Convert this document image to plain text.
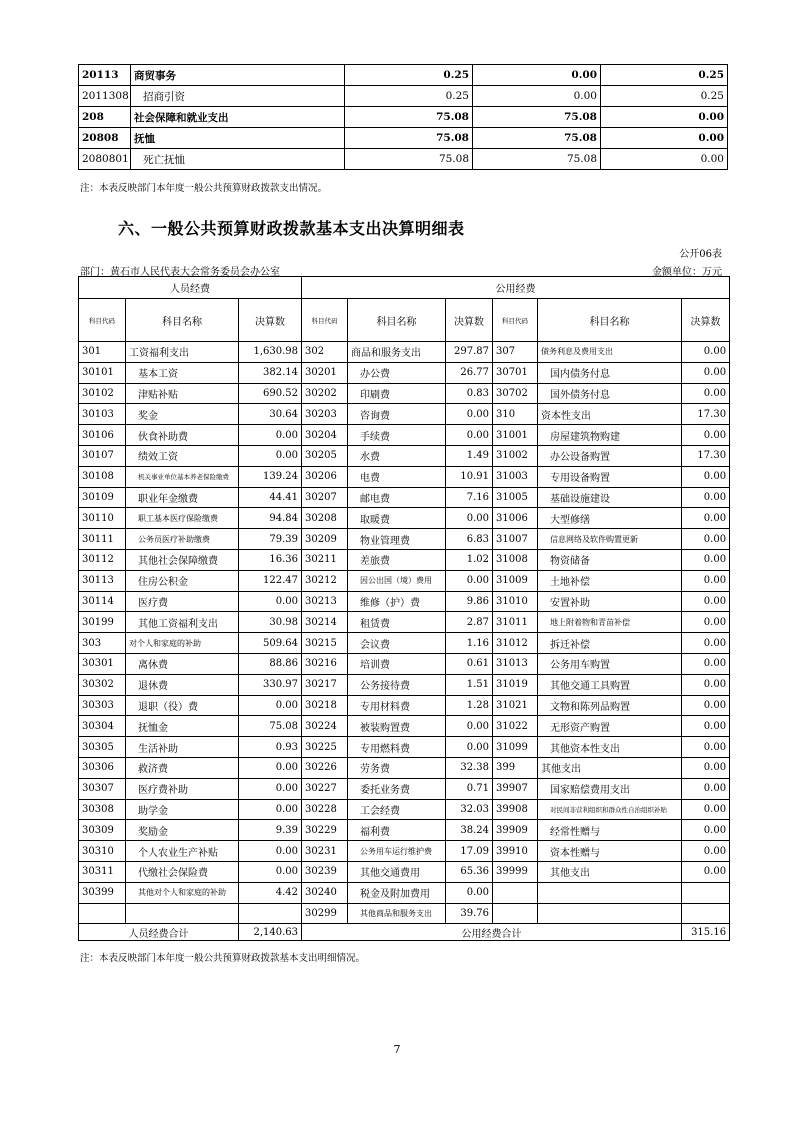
20113	商贸事务	0.25	0.00	0.25
2011308	招商引资	0.25	0.00	0.25
208	社会保障和就业支出	75.08	75.08	0.00
20808	抚恤	75.08	75.08	0.00
2080801	死亡抚恤	75.08	75.08	0.00
注：本表反映部门本年度一般公共预算财政拨款支出情况。
六、一般公共预算财政拨款基本支出决算明细表
公开06表
部门：黄石市人民代表大会常务委员会办公室	金额单位：万元
人员经费			公用经费					
科目代码	科目名称	决算数	科目代码	科目名称	决算数	科目代码	科目名称	决算数
301	工资福利支出	1,630.98	302	商品和服务支出	297.87	307	债务利息及费用支出	0.00
30101	基本工资	382.14	30201	办公费	26.77	30701	国内债务付息	0.00
30102	津贴补贴	690.52	30202	印刷费	0.83	30702	国外债务付息	0.00
30103	奖金	30.64	30203	咨询费	0.00	310	资本性支出	17.30
30106	伙食补助费	0.00	30204	手续费	0.00	31001	房屋建筑物购建	0.00
30107	绩效工资	0.00	30205	水费	1.49	31002	办公设备购置	17.30
30108	机关事业单位基本养老保险缴费	139.24	30206	电费	10.91	31003	专用设备购置	0.00
30109	职业年金缴费	44.41	30207	邮电费	7.16	31005	基础设施建设	0.00
30110	职工基本医疗保险缴费	94.84	30208	取暖费	0.00	31006	大型修缮	0.00
30111	公务员医疗补助缴费	79.39	30209	物业管理费	6.83	31007	信息网络及软件购置更新	0.00
30112	其他社会保障缴费	16.36	30211	差旅费	1.02	31008	物资储备	0.00
30113	住房公积金	122.47	30212	因公出国（境）费用	0.00	31009	土地补偿	0.00
30114	医疗费	0.00	30213	维修（护）费	9.86	31010	安置补助	0.00
30199	其他工资福利支出	30.98	30214	租赁费	2.87	31011	地上附着物和青苗补偿	0.00
303	对个人和家庭的补助	509.64	30215	会议费	1.16	31012	拆迁补偿	0.00
30301	离休费	88.86	30216	培训费	0.61	31013	公务用车购置	0.00
30302	退休费	330.97	30217	公务接待费	1.51	31019	其他交通工具购置	0.00
30303	退职（役）费	0.00	30218	专用材料费	1.28	31021	文物和陈列品购置	0.00
30304	抚恤金	75.08	30224	被装购置费	0.00	31022	无形资产购置	0.00
30305	生活补助	0.93	30225	专用燃料费	0.00	31099	其他资本性支出	0.00
30306	救济费	0.00	30226	劳务费	32.38	399	其他支出	0.00
30307	医疗费补助	0.00	30227	委托业务费	0.71	39907	国家赔偿费用支出	0.00
30308	助学金	0.00	30228	工会经费	32.03	39908	对民间非营利组织和群众性自治组织补贴	0.00
30309	奖励金	9.39	30229	福利费	38.24	39909	经常性赠与	0.00
30310	个人农业生产补贴	0.00	30231	公务用车运行维护费	17.09	39910	资本性赠与	0.00
30311	代缴社会保险费	0.00	30239	其他交通费用	65.36	39999	其他支出	0.00
30399	其他对个人和家庭的补助	4.42	30240	税金及附加费用	0.00			
			30299	其他商品和服务支出	39.76			
人员经费合计		2,140.63	公用经费合计					315.16
注：本表反映部门本年度一般公共预算财政拨款基本支出明细情况。
7
